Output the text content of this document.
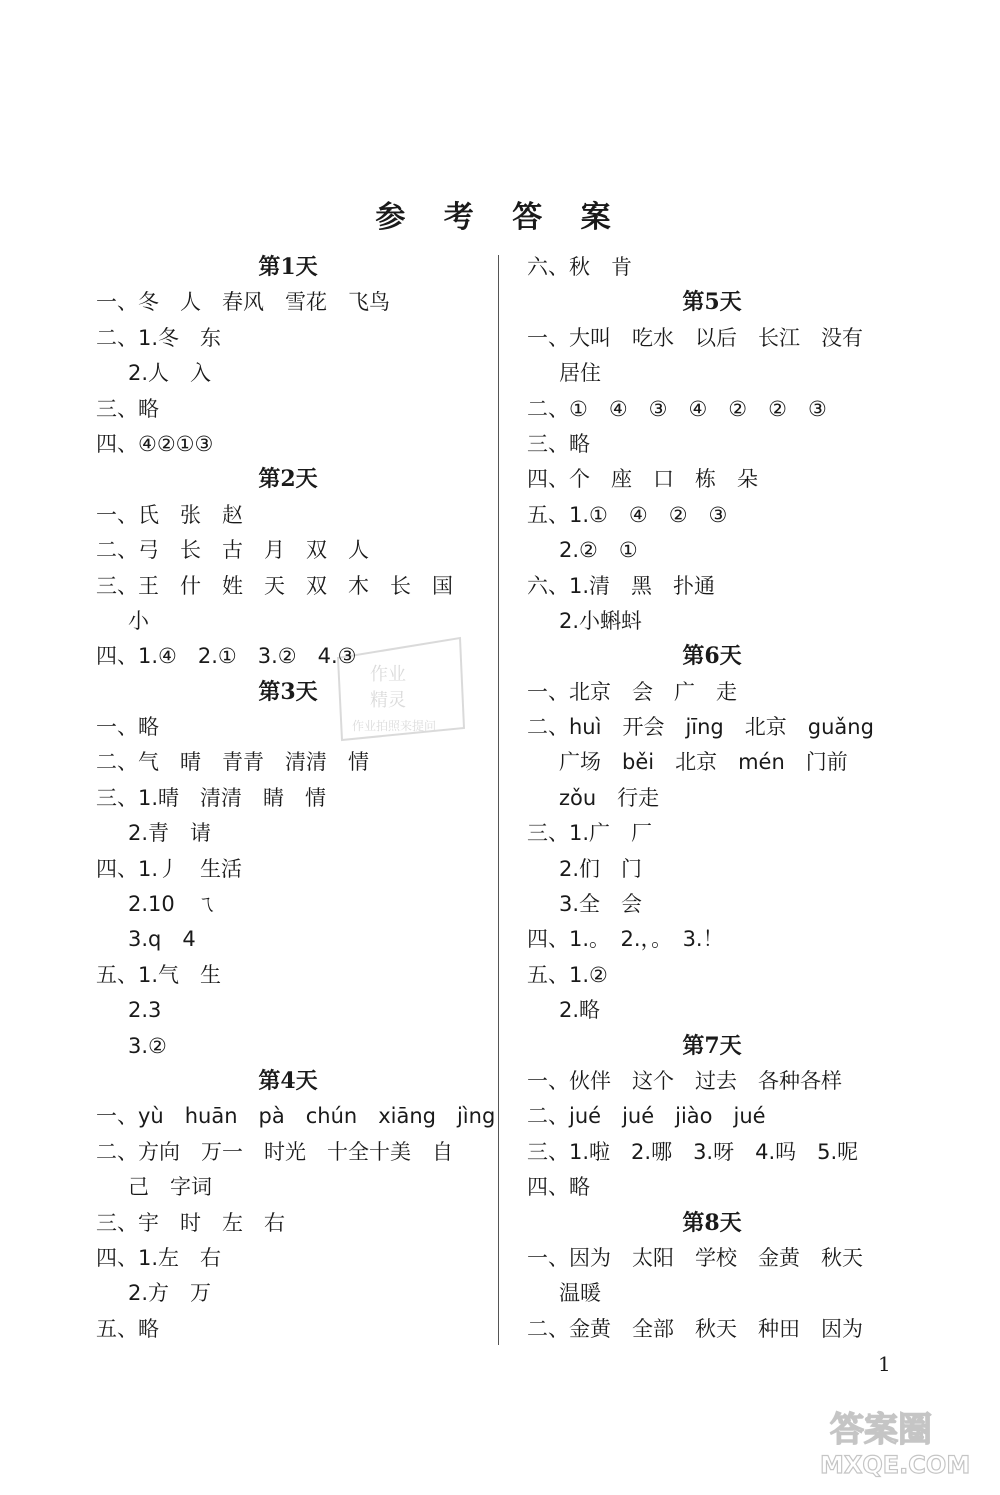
参 考 答 案
第1天
一、冬　人　春风　雪花　飞鸟
二、1.冬　东
2.人　入
三、略
四、④②①③
第2天
一、氏　张　赵
二、弓　长　古　月　双　人
三、王　什　姓　天　双　木　长　国
小
四、1.④　2.①　3.②　4.③
第3天
一、略
二、气　晴　青青　清清　情
三、1.晴　清清　睛　情
2.青　请
四、1.丿　生活
2.10　ㄟ
3.q　4
五、1.气　生
2.3
3.②
第4天
一、yù　huān　pà　chún　xiāng　jìng
二、方向　万一　时光　十全十美　自
己　字词
三、宇　时　左　右
四、1.左　右
2.方　万
五、略
六、秋　肯
第5天
一、大叫　吃水　以后　长江　没有
居住
二、①　④　③　④　②　②　③
三、略
四、个　座　口　栋　朵
五、1.①　④　②　③
2.②　①
六、1.清　黑　扑通
2.小蝌蚪
第6天
一、北京　会　广　走
二、huì　开会　jīng　北京　guǎng
广场　běi　北京　mén　门前
zǒu　行走
三、1.广　厂
2.们　门
3.全　会
四、1.。　2.，。　3.！
五、1.②
2.略
第7天
一、伙伴　这个　过去　各种各样
二、jué　jué　jiào　jué
三、1.啦　2.哪　3.呀　4.吗　5.呢
四、略
第8天
一、因为　太阳　学校　金黄　秋天
温暖
二、金黄　全部　秋天　种田　因为
作业
精灵
作业拍照来提问
1
答案圈
MXQE.COM
